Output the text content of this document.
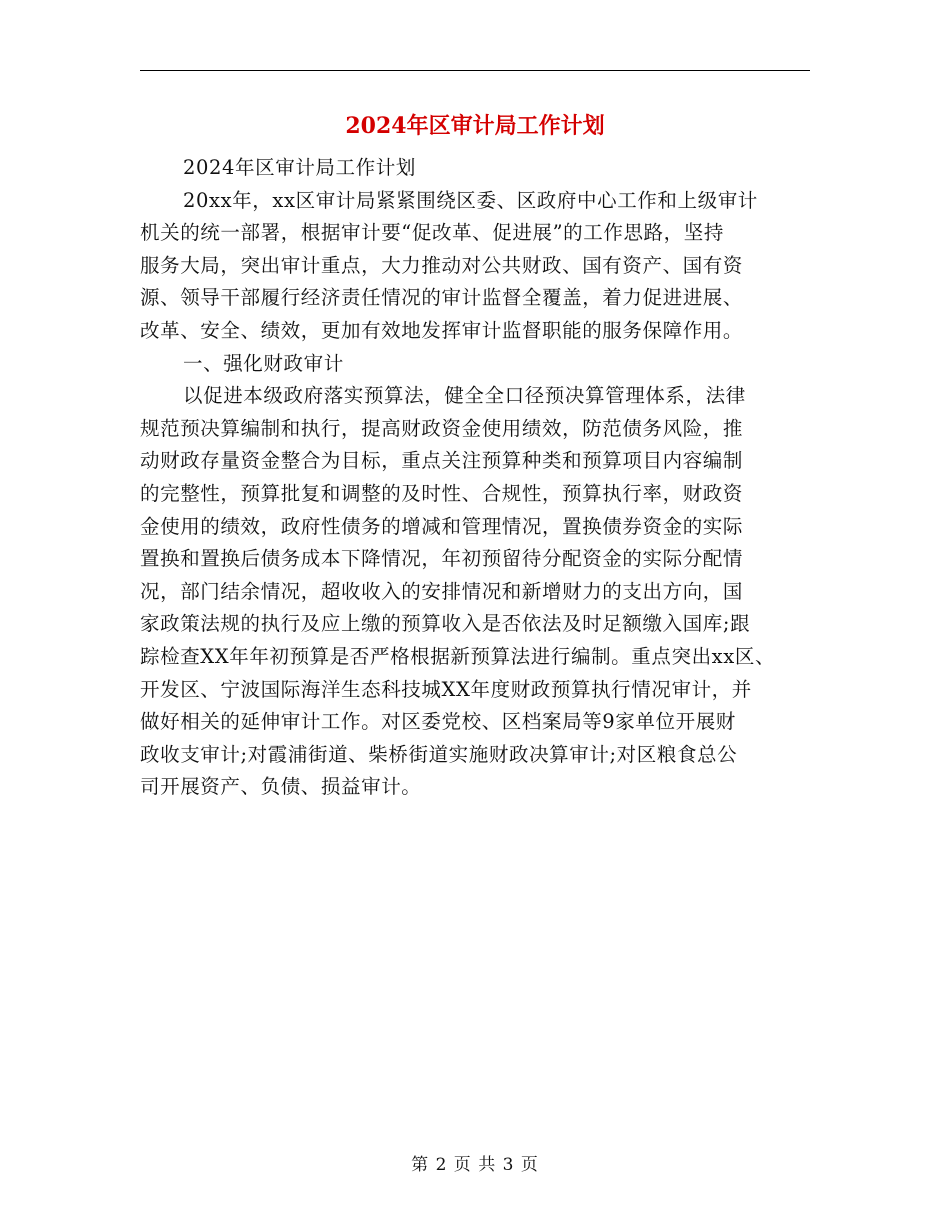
2024年区审计局工作计划
2024年区审计局工作计划
20xx年，xx区审计局紧紧围绕区委、区政府中心工作和上级审计
机关的统一部署，根据审计要“促改革、促进展”的工作思路，坚持
服务大局，突出审计重点，大力推动对公共财政、国有资产、国有资
源、领导干部履行经济责任情况的审计监督全覆盖，着力促进进展、
改革、安全、绩效，更加有效地发挥审计监督职能的服务保障作用。
一、强化财政审计
以促进本级政府落实预算法，健全全口径预决算管理体系，法律
规范预决算编制和执行，提高财政资金使用绩效，防范债务风险，推
动财政存量资金整合为目标，重点关注预算种类和预算项目内容编制
的完整性，预算批复和调整的及时性、合规性，预算执行率，财政资
金使用的绩效，政府性债务的增减和管理情况，置换债券资金的实际
置换和置换后债务成本下降情况，年初预留待分配资金的实际分配情
况，部门结余情况，超收收入的安排情况和新增财力的支出方向，国
家政策法规的执行及应上缴的预算收入是否依法及时足额缴入国库;跟
踪检查XX年年初预算是否严格根据新预算法进行编制。重点突出xx区、
开发区、宁波国际海洋生态科技城XX年度财政预算执行情况审计，并
做好相关的延伸审计工作。对区委党校、区档案局等9家单位开展财
政收支审计;对霞浦街道、柴桥街道实施财政决算审计;对区粮食总公
司开展资产、负债、损益审计。
第 2 页 共 3 页
